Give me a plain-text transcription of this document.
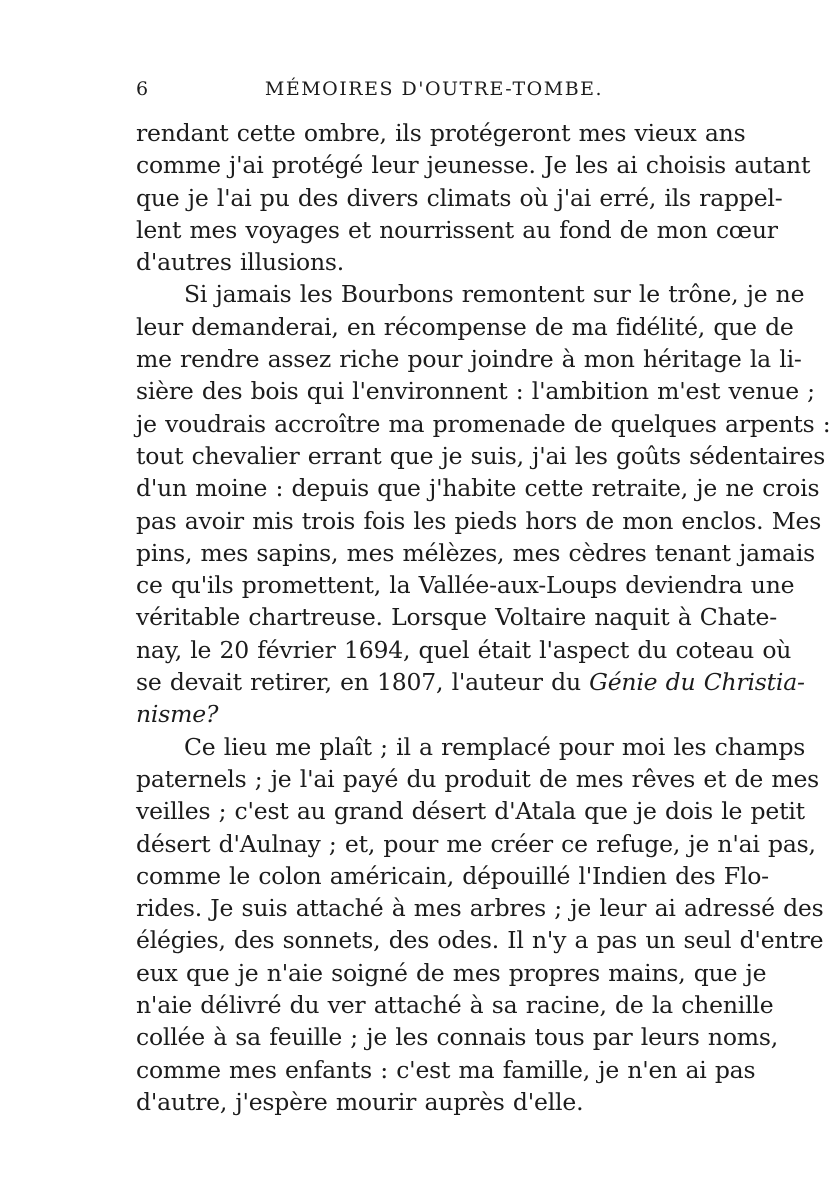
6	MÉMOIRES D'OUTRE-TOMBE.
rendant cette ombre, ils protégeront mes vieux ans
comme j'ai protégé leur jeunesse. Je les ai choisis autant
que je l'ai pu des divers climats où j'ai erré, ils rappel-
lent mes voyages et nourrissent au fond de mon cœur
d'autres illusions.
Si jamais les Bourbons remontent sur le trône, je ne
leur demanderai, en récompense de ma fidélité, que de
me rendre assez riche pour joindre à mon héritage la li-
sière des bois qui l'environnent : l'ambition m'est venue ;
je voudrais accroître ma promenade de quelques arpents :
tout chevalier errant que je suis, j'ai les goûts sédentaires
d'un moine : depuis que j'habite cette retraite, je ne crois
pas avoir mis trois fois les pieds hors de mon enclos. Mes
pins, mes sapins, mes mélèzes, mes cèdres tenant jamais
ce qu'ils promettent, la Vallée-aux-Loups deviendra une
véritable chartreuse. Lorsque Voltaire naquit à Chate-
nay, le 20 février 1694, quel était l'aspect du coteau où
se devait retirer, en 1807, l'auteur du Génie du Christia-
nisme?
Ce lieu me plaît ; il a remplacé pour moi les champs
paternels ; je l'ai payé du produit de mes rêves et de mes
veilles ; c'est au grand désert d'Atala que je dois le petit
désert d'Aulnay ; et, pour me créer ce refuge, je n'ai pas,
comme le colon américain, dépouillé l'Indien des Flo-
rides. Je suis attaché à mes arbres ; je leur ai adressé des
élégies, des sonnets, des odes. Il n'y a pas un seul d'entre
eux que je n'aie soigné de mes propres mains, que je
n'aie délivré du ver attaché à sa racine, de la chenille
collée à sa feuille ; je les connais tous par leurs noms,
comme mes enfants : c'est ma famille, je n'en ai pas
d'autre, j'espère mourir auprès d'elle.
